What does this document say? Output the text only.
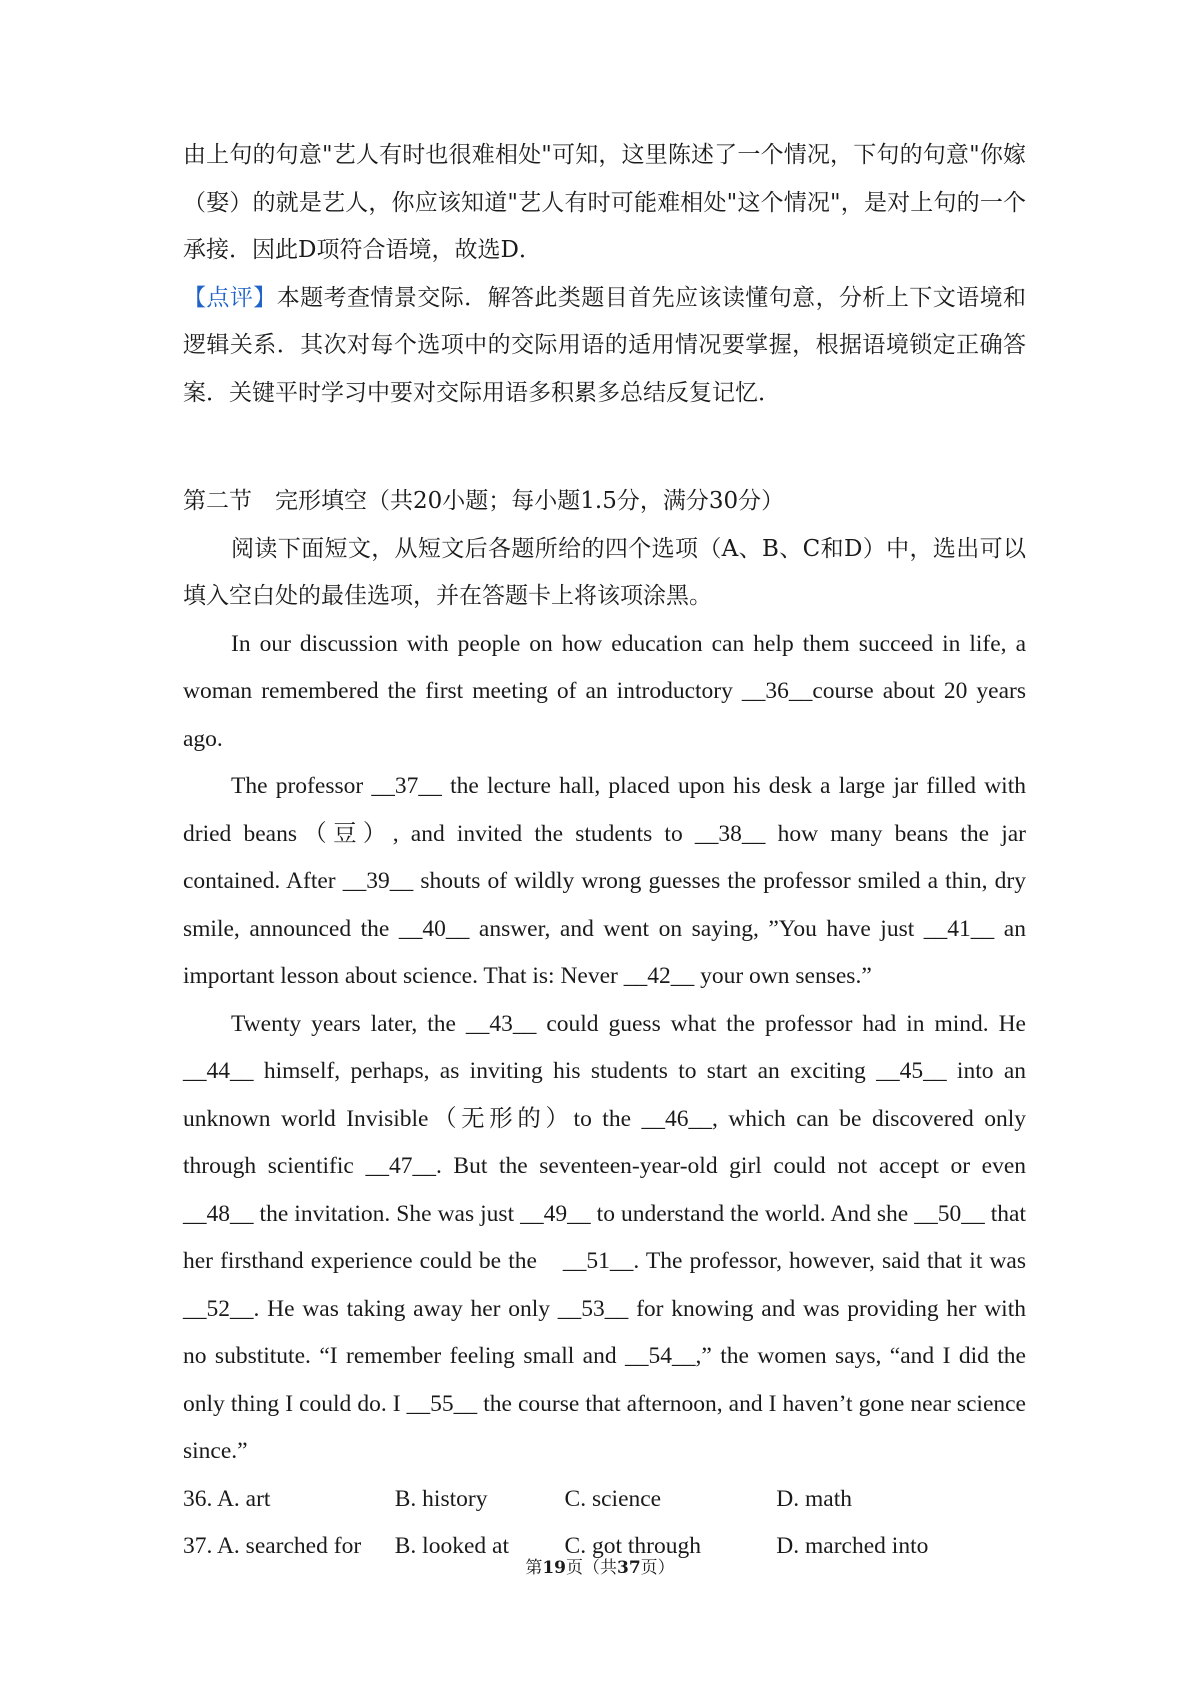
由上句的句意"艺人有时也很难相处"可知，这里陈述了一个情况，下句的句意"你嫁（娶）的就是艺人，你应该知道"艺人有时可能难相处"这个情况"，是对上句的一个承接．因此D项符合语境，故选D．

【点评】本题考查情景交际．解答此类题目首先应该读懂句意，分析上下文语境和逻辑关系．其次对每个选项中的交际用语的适用情况要掌握，根据语境锁定正确答案．关键平时学习中要对交际用语多积累多总结反复记忆．

第二节　完形填空（共20小题；每小题1.5分，满分30分）

阅读下面短文，从短文后各题所给的四个选项（A、B、C和D）中，选出可以填入空白处的最佳选项，并在答题卡上将该项涂黑。

In our discussion with people on how education can help them succeed in life, a woman remembered the first meeting of an introductory __36__course about 20 years ago.

The professor __37__ the lecture hall, placed upon his desk a large jar filled with dried beans（豆）, and invited the students to __38__ how many beans the jar contained. After __39__ shouts of wildly wrong guesses the professor smiled a thin, dry smile, announced the __40__ answer, and went on saying, ”You have just __41__ an important lesson about science. That is: Never __42__ your own senses.”

Twenty years later, the __43__ could guess what the professor had in mind. He __44__ himself, perhaps, as inviting his students to start an exciting __45__ into an unknown world Invisible（无形的）to the __46__, which can be discovered only through scientific __47__. But the seventeen-year-old girl could not accept or even __48__ the invitation. She was just __49__ to understand the world. And she __50__ that her firsthand experience could be the　__51__. The professor, however, said that it was __52__. He was taking away her only __53__ for knowing and was providing her with no substitute. “I remember feeling small and __54__,” the women says, “and I did the only thing I could do. I __55__ the course that afternoon, and I haven’t gone near science since.”

36. A. art	B. history	C. science	D. math
37. A. searched for	B. looked at	C. got through	D. marched into
第19页（共37页）
